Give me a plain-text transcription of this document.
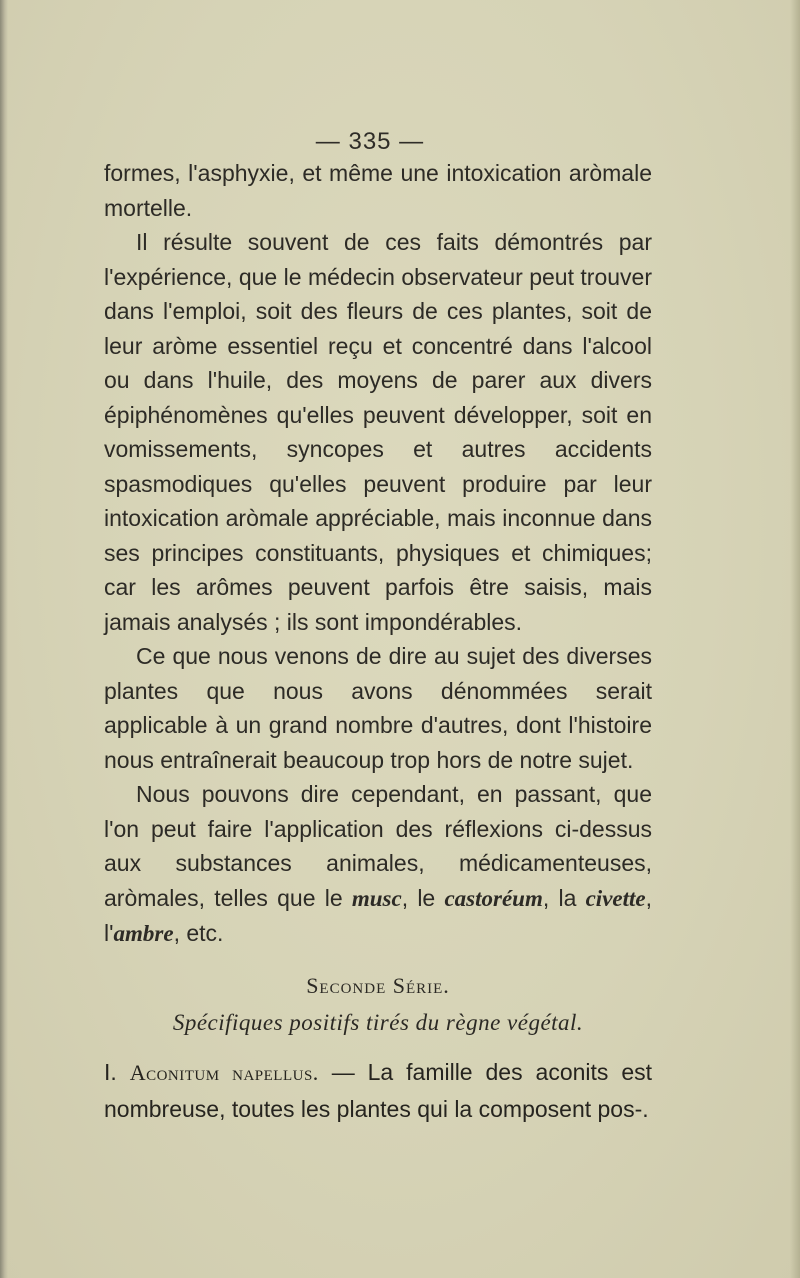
— 335 —

formes, l'asphyxie, et même une intoxication aròmale mortelle.

Il résulte souvent de ces faits démontrés par l'expérience, que le médecin observateur peut trouver dans l'emploi, soit des fleurs de ces plantes, soit de leur aròme essentiel reçu et concentré dans l'alcool ou dans l'huile, des moyens de parer aux divers épiphénomènes qu'elles peuvent développer, soit en vomissements, syncopes et autres accidents spasmodiques qu'elles peuvent produire par leur intoxication aròmale appréciable, mais inconnue dans ses principes constituants, physiques et chimiques; car les arômes peuvent parfois être saisis, mais jamais analysés ; ils sont impondérables.

Ce que nous venons de dire au sujet des diverses plantes que nous avons dénommées serait applicable à un grand nombre d'autres, dont l'histoire nous entraînerait beaucoup trop hors de notre sujet.

Nous pouvons dire cependant, en passant, que l'on peut faire l'application des réflexions ci-dessus aux substances animales, médicamenteuses, aròmales, telles que le musc, le castoréum, la civette, l'ambre, etc.

Seconde Série.
Spécifiques positifs tirés du règne végétal.

I. Aconitum napellus. — La famille des aconits est nombreuse, toutes les plantes qui la composent pos-.
